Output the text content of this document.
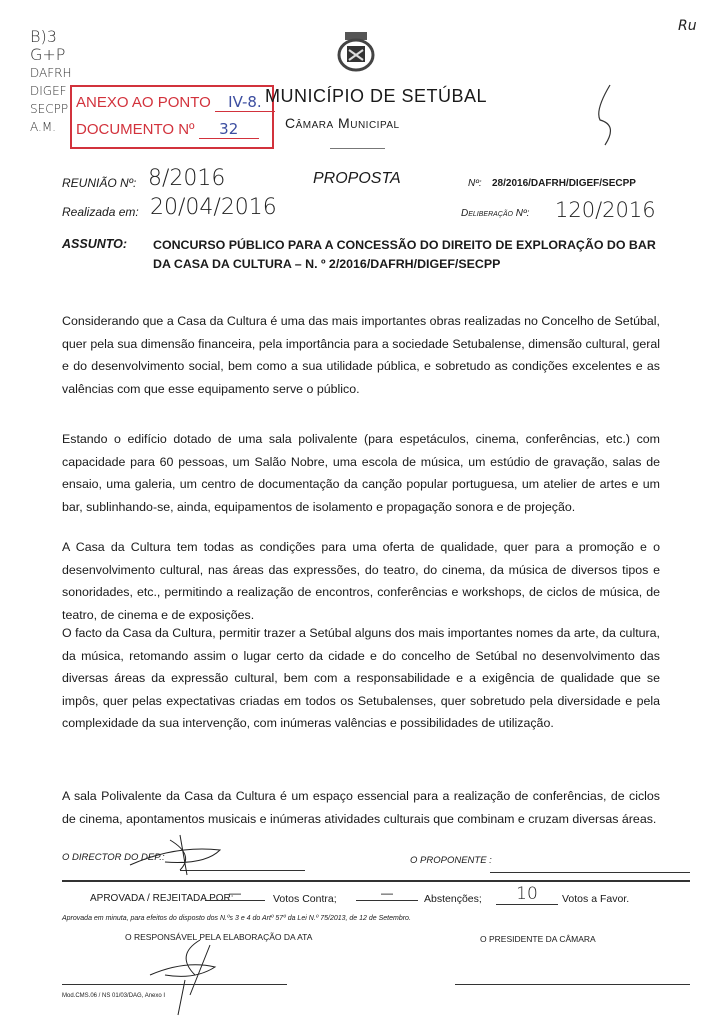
B)3
G+P
DAFRH
DIGEF
SECPP
A.M.
Ru
ANEXO AO PONTO IV-8.
DOCUMENTO Nº 32
MUNICÍPIO DE SETÚBAL
Câmara Municipal
REUNIÃO Nº: 8/2016	PROPOSTA	Nº: 28/2016/DAFRH/DIGEF/SECPP
Realizada em: 20/04/2016	Deliberação Nº: 120/2016
ASSUNTO: CONCURSO PÚBLICO PARA A CONCESSÃO DO DIREITO DE EXPLORAÇÃO DO BAR DA CASA DA CULTURA – N. º 2/2016/DAFRH/DIGEF/SECPP

Considerando que a Casa da Cultura é uma das mais importantes obras realizadas no Concelho de Setúbal, quer pela sua dimensão financeira, pela importância para a sociedade Setubalense, dimensão cultural, geral e do desenvolvimento social, bem como a sua utilidade pública, e sobretudo as condições excelentes e as valências com que esse equipamento serve o público.

Estando o edifício dotado de uma sala polivalente (para espetáculos, cinema, conferências, etc.) com capacidade para 60 pessoas, um Salão Nobre, uma escola de música, um estúdio de gravação, salas de ensaio, uma galeria, um centro de documentação da canção popular portuguesa, um atelier de artes e um bar, sublinhando-se, ainda, equipamentos de isolamento e propagação sonora e de projeção.

A Casa da Cultura tem todas as condições para uma oferta de qualidade, quer para a promoção e o desenvolvimento cultural, nas áreas das expressões, do teatro, do cinema, da música de diversos tipos e sonoridades, etc., permitindo a realização de encontros, conferências e workshops, de ciclos de música, de teatro, de cinema e de exposições.

O facto da Casa da Cultura, permitir trazer a Setúbal alguns dos mais importantes nomes da arte, da cultura, da música, retomando assim o lugar certo da cidade e do concelho de Setúbal no desenvolvimento das diversas áreas da expressão cultural, bem com a responsabilidade e a exigência de qualidade que se impôs, quer pelas expectativas criadas em todos os Setubalenses, quer sobretudo pela diversidade e pela complexidade da sua intervenção, com inúmeras valências e possibilidades de utilização.

A sala Polivalente da Casa da Cultura é um espaço essencial para a realização de conferências, de ciclos de cinema, apontamentos musicais e inúmeras atividades culturais que combinam e cruzam diversas áreas.

O DIRECTOR DO DEP.:	O PROPONENTE :
APROVADA / REJEITADA POR:
—	Votos Contra;	—	Abstenções;	10	Votos a Favor.
Aprovada em minuta, para efeitos do disposto dos N.ºs 3 e 4 do Artº 57º da Lei N.º 75/2013, de 12 de Setembro.
O RESPONSÁVEL PELA ELABORAÇÃO DA ATA	O PRESIDENTE DA CÂMARA
Mod.CMS.06 / NS 01/03/DAG, Anexo I
